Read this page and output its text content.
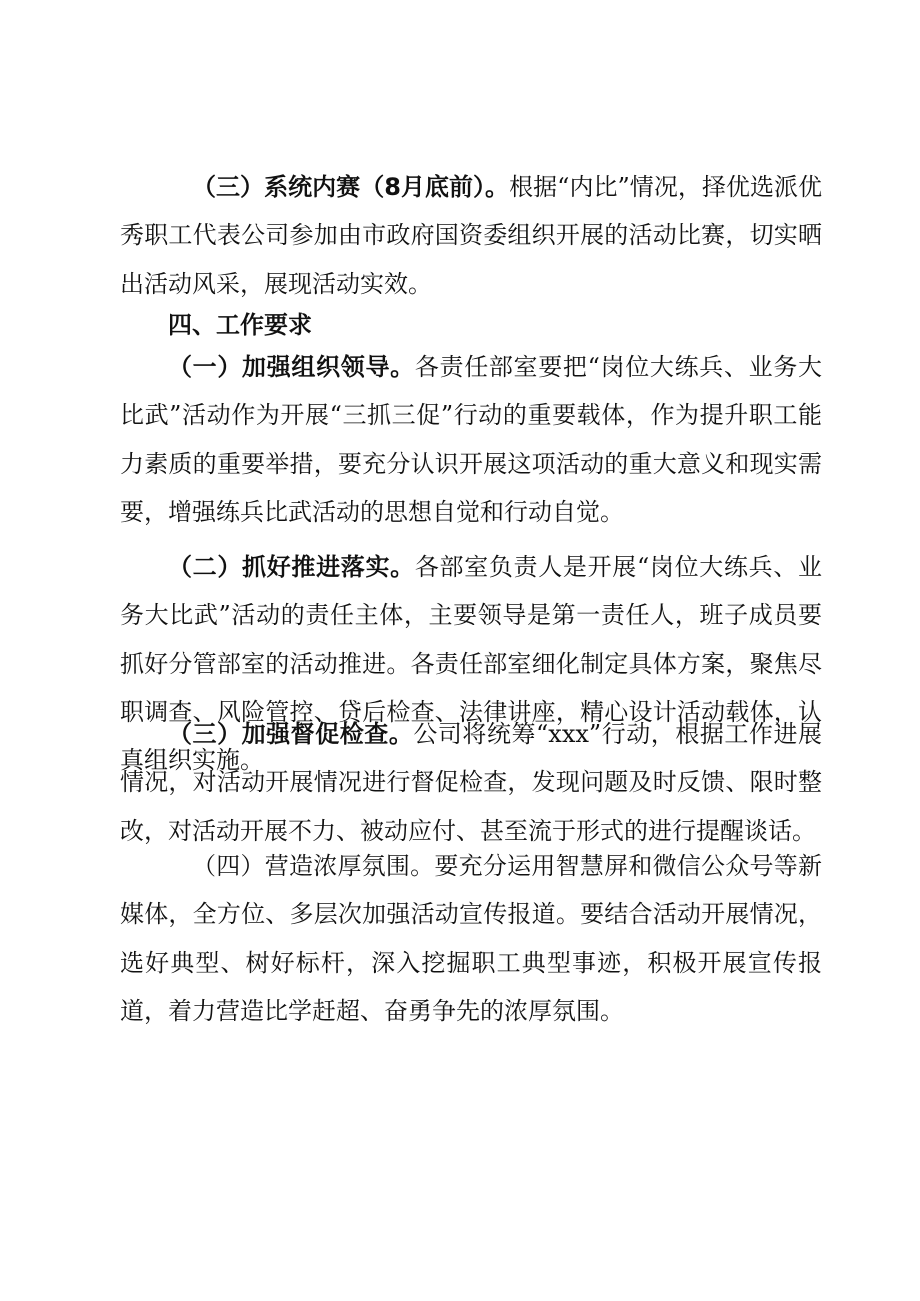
（三）系统内赛（8月底前）。根据“内比”情况，择优选派优秀职工代表公司参加由市政府国资委组织开展的活动比赛，切实晒出活动风采，展现活动实效。

四、工作要求

（一）加强组织领导。各责任部室要把“岗位大练兵、业务大比武”活动作为开展“三抓三促”行动的重要载体，作为提升职工能力素质的重要举措，要充分认识开展这项活动的重大意义和现实需要，增强练兵比武活动的思想自觉和行动自觉。

（二）抓好推进落实。各部室负责人是开展“岗位大练兵、业务大比武”活动的责任主体，主要领导是第一责任人，班子成员要抓好分管部室的活动推进。各责任部室细化制定具体方案，聚焦尽职调查、风险管控、贷后检查、法律讲座，精心设计活动载体，认真组织实施。

（三）加强督促检查。公司将统筹“xxx”行动，根据工作进展情况，对活动开展情况进行督促检查，发现问题及时反馈、限时整改，对活动开展不力、被动应付、甚至流于形式的进行提醒谈话。

（四）营造浓厚氛围。要充分运用智慧屏和微信公众号等新媒体，全方位、多层次加强活动宣传报道。要结合活动开展情况，选好典型、树好标杆，深入挖掘职工典型事迹，积极开展宣传报道，着力营造比学赶超、奋勇争先的浓厚氛围。
